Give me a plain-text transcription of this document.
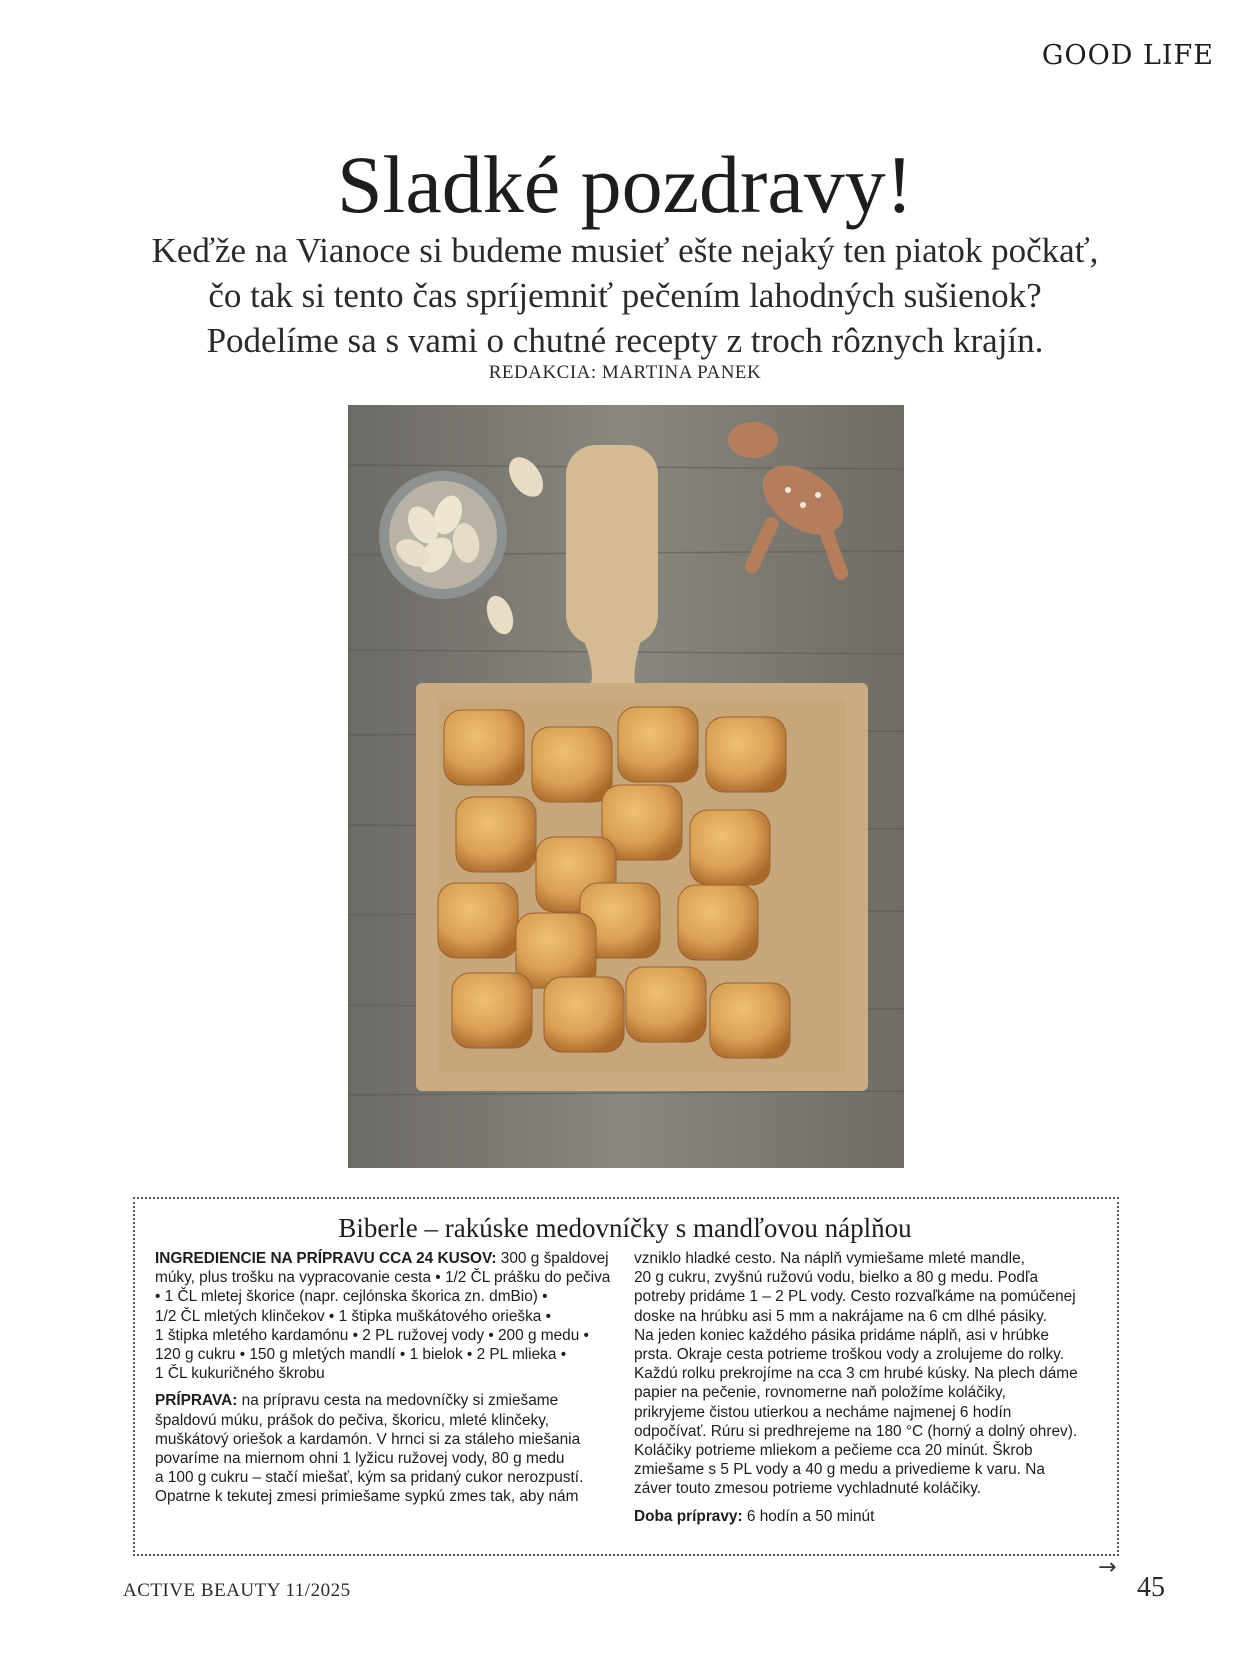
GOOD LIFE
Sladké pozdravy!
Keďže na Vianoce si budeme musieť ešte nejaký ten piatok počkať,
čo tak si tento čas spríjemniť pečením lahodných sušienok?
Podelíme sa s vami o chutné recepty z troch rôznych krajín.
REDAKCIA: MARTINA PANEK
Biberle – rakúske medovníčky s mandľovou náplňou
INGREDIENCIE NA PRÍPRAVU CCA 24 KUSOV: 300 g špaldovej
múky, plus trošku na vypracovanie cesta • 1/2 ČL prášku do pečiva
• 1 ČL mletej škorice (napr. cejlónska škorica zn. dmBio) •
1/2 ČL mletých klinčekov • 1 štipka muškátového orieška •
1 štipka mletého kardamónu • 2 PL ružovej vody • 200 g medu •
120 g cukru • 150 g mletých mandlí • 1 bielok • 2 PL mlieka •
1 ČL kukuričného škrobu
PRÍPRAVA: na prípravu cesta na medovníčky si zmiešame
špaldovú múku, prášok do pečiva, škoricu, mleté klinčeky,
muškátový oriešok a kardamón. V hrnci si za stáleho miešania
povaríme na miernom ohni 1 lyžicu ružovej vody, 80 g medu
a 100 g cukru – stačí miešať, kým sa pridaný cukor nerozpustí.
Opatrne k tekutej zmesi primiešame sypkú zmes tak, aby nám
vzniklo hladké cesto. Na náplň vymiešame mleté mandle,
20 g cukru, zvyšnú ružovú vodu, bielko a 80 g medu. Podľa
potreby pridáme 1 – 2 PL vody. Cesto rozvaľkáme na pomúčenej
doske na hrúbku asi 5 mm a nakrájame na 6 cm dlhé pásiky.
Na jeden koniec každého pásika pridáme náplň, asi v hrúbke
prsta. Okraje cesta potrieme troškou vody a zrolujeme do rolky.
Každú rolku prekrojíme na cca 3 cm hrubé kúsky. Na plech dáme
papier na pečenie, rovnomerne naň položíme koláčiky,
prikryjeme čistou utierkou a necháme najmenej 6 hodín
odpočívať. Rúru si predhrejeme na 180 °C (horný a dolný ohrev).
Koláčiky potrieme mliekom a pečieme cca 20 minút. Škrob
zmiešame s 5 PL vody a 40 g medu a privedieme k varu. Na
záver touto zmesou potrieme vychladnuté koláčiky.
Doba prípravy: 6 hodín a 50 minút
→
ACTIVE BEAUTY 11/2025	45
